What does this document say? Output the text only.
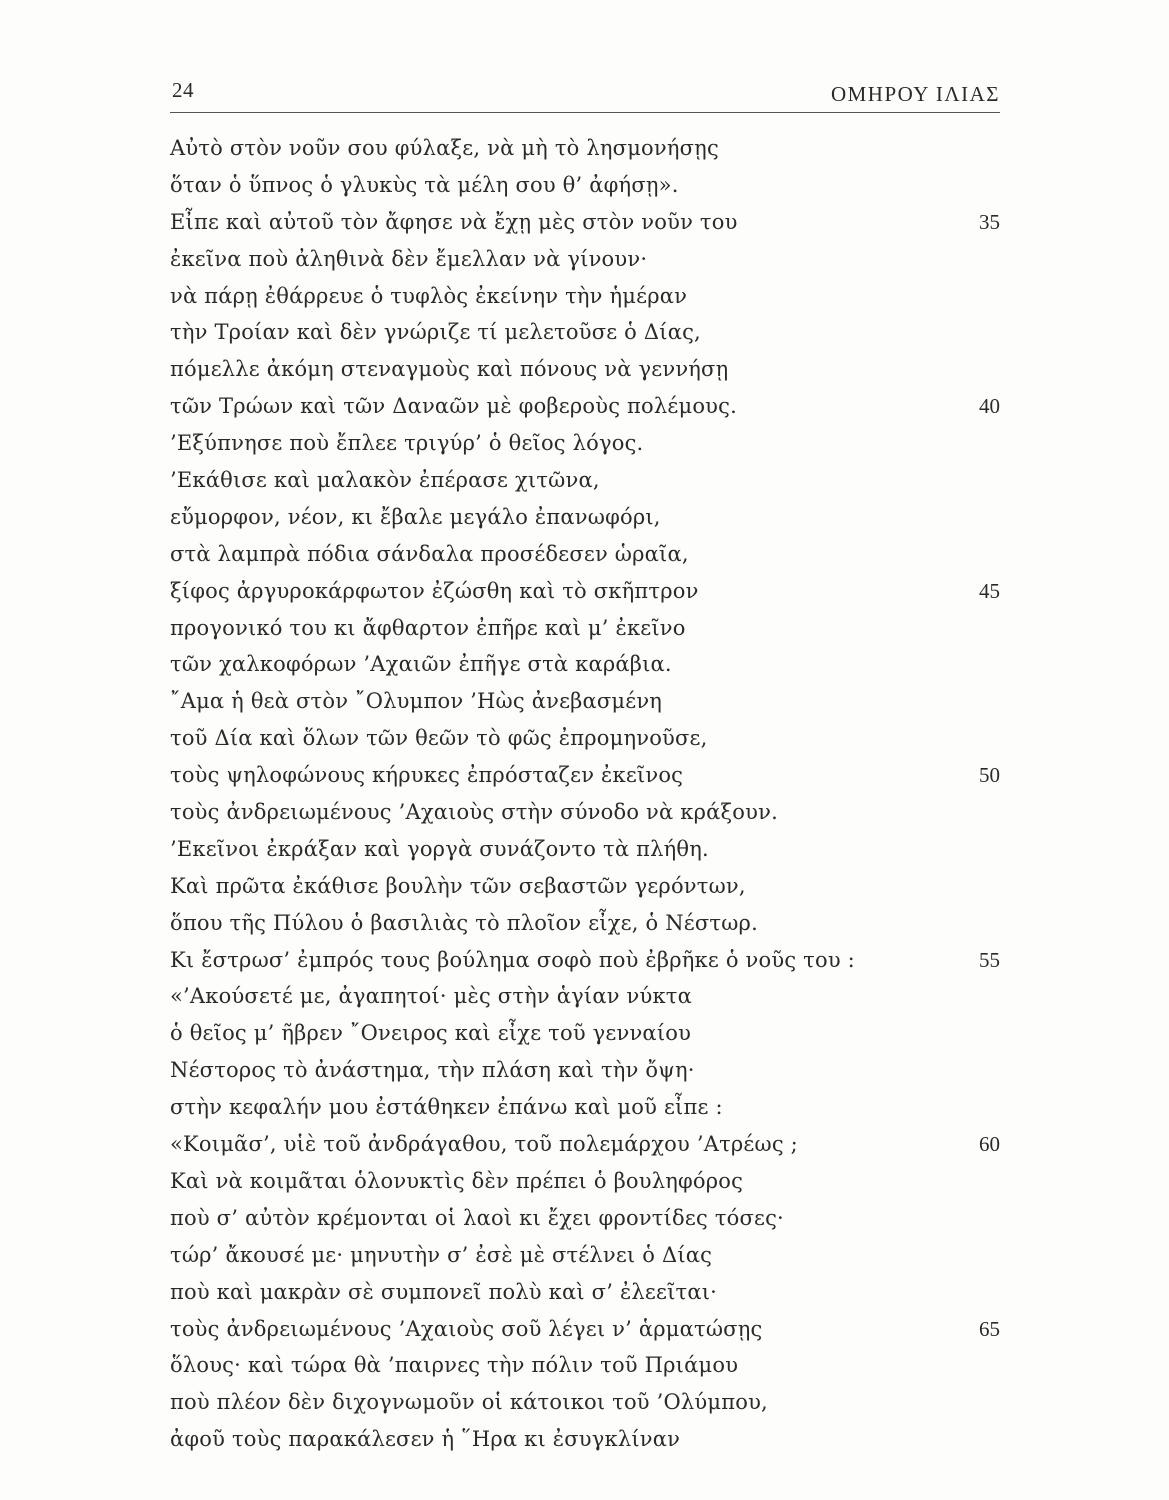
24	ΟΜΗΡΟΥ ΙΛΙΑΣ
Αὐτὸ στὸν νοῦν σου φύλαξε, νὰ μὴ τὸ λησμονήσῃς
ὅταν ὁ ὕπνος ὁ γλυκὺς τὰ μέλη σου θ’ ἀφήσῃ».
Εἶπε καὶ αὐτοῦ τὸν ἄφησε νὰ ἔχῃ μὲς στὸν νοῦν του	35
ἐκεῖνα ποὺ ἀληθινὰ δὲν ἔμελλαν νὰ γίνουν·
νὰ πάρῃ ἐθάρρευε ὁ τυφλὸς ἐκείνην τὴν ἡμέραν
τὴν Τροίαν καὶ δὲν γνώριζε τί μελετοῦσε ὁ Δίας,
πόμελλε ἀκόμη στεναγμοὺς καὶ πόνους νὰ γεννήσῃ
τῶν Τρώων καὶ τῶν Δαναῶν μὲ φοβεροὺς πολέμους.	40
’Εξύπνησε ποὺ ἔπλεε τριγύρ’ ὁ θεῖος λόγος.
’Εκάθισε καὶ μαλακὸν ἐπέρασε χιτῶνα,
εὔμορφον, νέον, κι ἔβαλε μεγάλο ἐπανωφόρι,
στὰ λαμπρὰ πόδια σάνδαλα προσέδεσεν ὡραῖα,
ξίφος ἀργυροκάρφωτον ἐζώσθη καὶ τὸ σκῆπτρον	45
προγονικό του κι ἄφθαρτον ἐπῆρε καὶ μ’ ἐκεῖνο
τῶν χαλκοφόρων ’Αχαιῶν ἐπῆγε στὰ καράβια.
῎Αμα ἡ θεὰ στὸν ῎Ολυμπον ’Ηὼς ἀνεβασμένη
τοῦ Δία καὶ ὅλων τῶν θεῶν τὸ φῶς ἐπρομηνοῦσε,
τοὺς ψηλοφώνους κήρυκες ἐπρόσταζεν ἐκεῖνος	50
τοὺς ἀνδρειωμένους ’Αχαιοὺς στὴν σύνοδο νὰ κράξουν.
’Εκεῖνοι ἐκράξαν καὶ γοργὰ συνάζοντο τὰ πλήθη.
Καὶ πρῶτα ἐκάθισε βουλὴν τῶν σεβαστῶν γερόντων,
ὅπου τῆς Πύλου ὁ βασιλιὰς τὸ πλοῖον εἶχε, ὁ Νέστωρ.
Κι ἔστρωσ’ ἐμπρός τους βούλημα σοφὸ ποὺ ἐβρῆκε ὁ νοῦς του :	55
«’Ακούσετέ με, ἀγαπητοί· μὲς στὴν ἁγίαν νύκτα
ὁ θεῖος μ’ ῆβρεν ῎Ονειρος καὶ εἶχε τοῦ γενναίου
Νέστορος τὸ ἀνάστημα, τὴν πλάση καὶ τὴν ὄψη·
στὴν κεφαλήν μου ἐστάθηκεν ἐπάνω καὶ μοῦ εἶπε :
«Κοιμᾶσ’, υἱὲ τοῦ ἀνδράγαθου, τοῦ πολεμάρχου ’Ατρέως ;	60
Καὶ νὰ κοιμᾶται ὁλονυκτὶς δὲν πρέπει ὁ βουληφόρος
ποὺ σ’ αὐτὸν κρέμονται οἱ λαοὶ κι ἔχει φροντίδες τόσες·
τώρ’ ἄκουσέ με· μηνυτὴν σ’ ἐσὲ μὲ στέλνει ὁ Δίας
ποὺ καὶ μακρὰν σὲ συμπονεῖ πολὺ καὶ σ’ ἐλεεῖται·
τοὺς ἀνδρειωμένους ’Αχαιοὺς σοῦ λέγει ν’ ἁρματώσῃς	65
ὅλους· καὶ τώρα θὰ ’παιρνες τὴν πόλιν τοῦ Πριάμου
ποὺ πλέον δὲν διχογνωμοῦν οἱ κάτοικοι τοῦ ’Ολύμπου,
ἀφοῦ τοὺς παρακάλεσεν ἡ ῞Ηρα κι ἐσυγκλίναν
